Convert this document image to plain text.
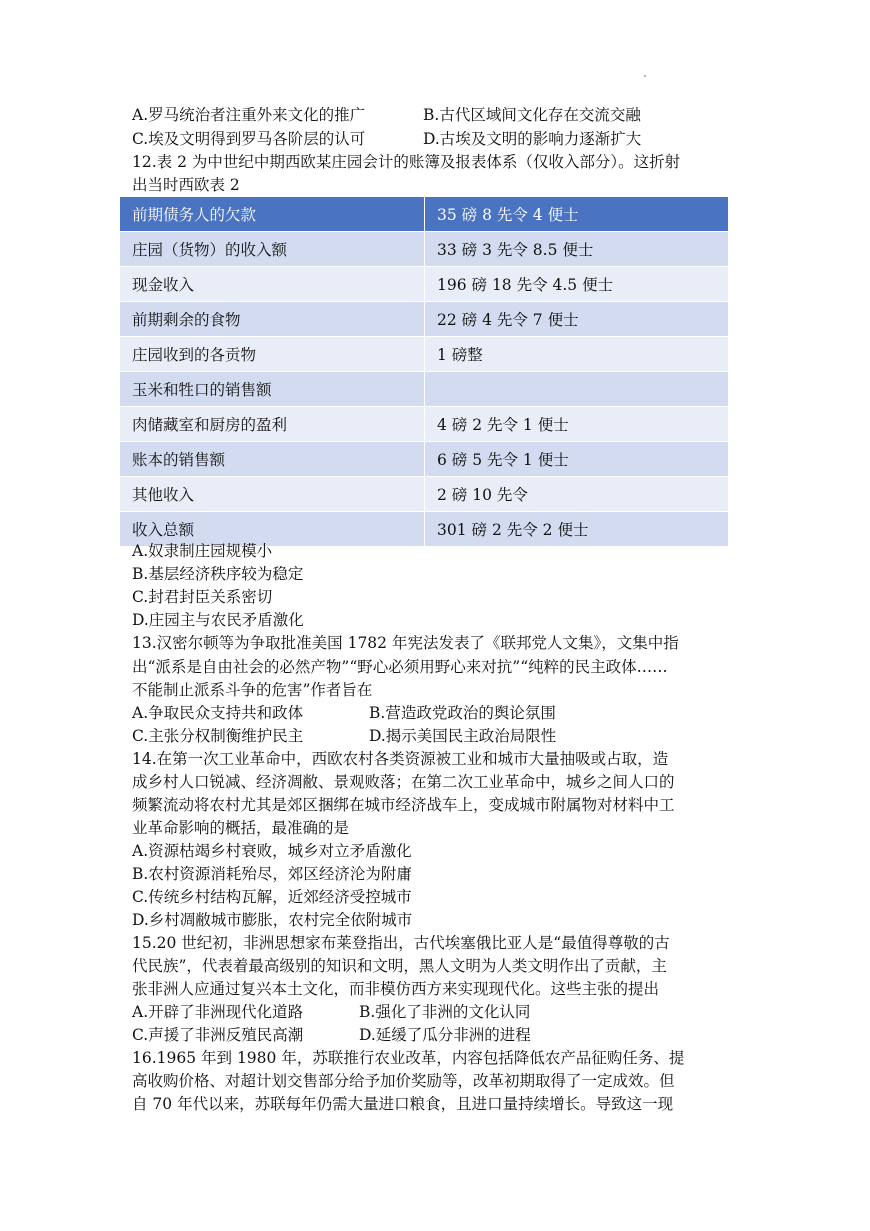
A.罗马统治者注重外来文化的推广	B.古代区域间文化存在交流交融
C.埃及文明得到罗马各阶层的认可	D.古埃及文明的影响力逐渐扩大
12.表 2 为中世纪中期西欧某庄园会计的账簿及报表体系（仅收入部分）。这折射
出当时西欧表 2
前期债务人的欠款	35 磅 8 先令 4 便士
庄园（货物）的收入额	33 磅 3 先令 8.5 便士
现金收入	196 磅 18 先令 4.5 便士
前期剩余的食物	22 磅 4 先令 7 便士
庄园收到的各贡物	1 磅整
玉米和牲口的销售额	
肉储藏室和厨房的盈利	4 磅 2 先令 1 便士
账本的销售额	6 磅 5 先令 1 便士
其他收入	2 磅 10 先令
收入总额	301 磅 2 先令 2 便士
A.奴隶制庄园规模小
B.基层经济秩序较为稳定
C.封君封臣关系密切
D.庄园主与农民矛盾激化
13.汉密尔顿等为争取批准美国 1782 年宪法发表了《联邦党人文集》，文集中指
出“派系是自由社会的必然产物”“野心必须用野心来对抗”“纯粹的民主政体……
不能制止派系斗争的危害”作者旨在
A.争取民众支持共和政体	B.营造政党政治的舆论氛围
C.主张分权制衡维护民主	D.揭示美国民主政治局限性
14.在第一次工业革命中，西欧农村各类资源被工业和城市大量抽吸或占取，造
成乡村人口锐减、经济凋敝、景观败落；在第二次工业革命中，城乡之间人口的
频繁流动将农村尤其是郊区捆绑在城市经济战车上，变成城市附属物对材料中工
业革命影响的概括，最准确的是
A.资源枯竭乡村衰败，城乡对立矛盾激化
B.农村资源消耗殆尽，郊区经济沦为附庸
C.传统乡村结构瓦解，近郊经济受控城市
D.乡村凋敝城市膨胀，农村完全依附城市
15.20 世纪初，非洲思想家布莱登指出，古代埃塞俄比亚人是“最值得尊敬的古
代民族”，代表着最高级别的知识和文明，黑人文明为人类文明作出了贡献，主
张非洲人应通过复兴本土文化，而非模仿西方来实现现代化。这些主张的提出
A.开辟了非洲现代化道路	B.强化了非洲的文化认同
C.声援了非洲反殖民高潮	D.延缓了瓜分非洲的进程
16.1965 年到 1980 年，苏联推行农业改革，内容包括降低农产品征购任务、提
高收购价格、对超计划交售部分给予加价奖励等，改革初期取得了一定成效。但
自 70 年代以来，苏联每年仍需大量进口粮食，且进口量持续增长。导致这一现
